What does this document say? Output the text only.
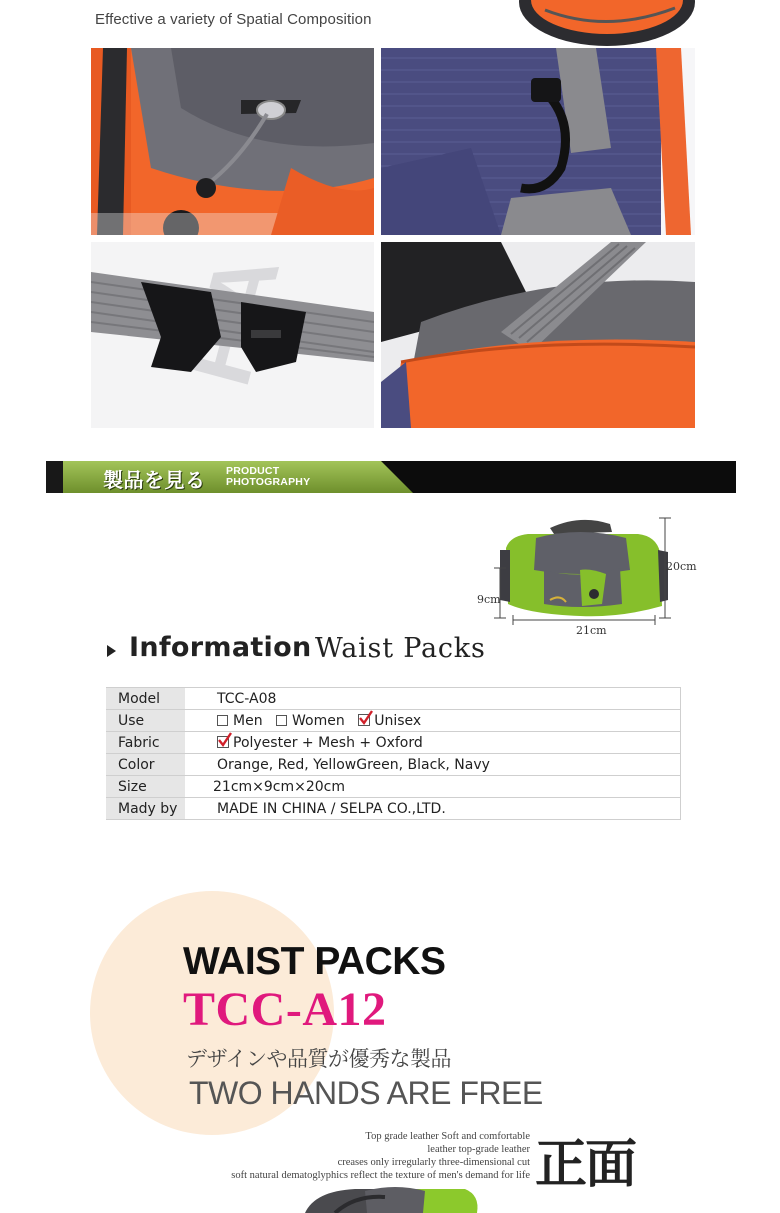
Effective a variety of Spatial Composition
製品を見る PRODUCT
PHOTOGRAPHY
20cm
9cm
21cm
Information Waist Packs
Model	TCC-A08
Use	Men Women Unisex
Fabric	Polyester + Mesh + Oxford
Color	Orange, Red, YellowGreen, Black, Navy
Size	21cm×9cm×20cm
Mady by	MADE IN CHINA / SELPA CO.,LTD.
WAIST PACKS
TCC-A12
デザインや品質が優秀な製品
TWO HANDS ARE FREE
Top grade leather Soft and comfortable
leather top-grade leather
creases only irregularly three-dimensional cut
soft natural dematoglyphics reflect the texture of men's demand for life 正面
